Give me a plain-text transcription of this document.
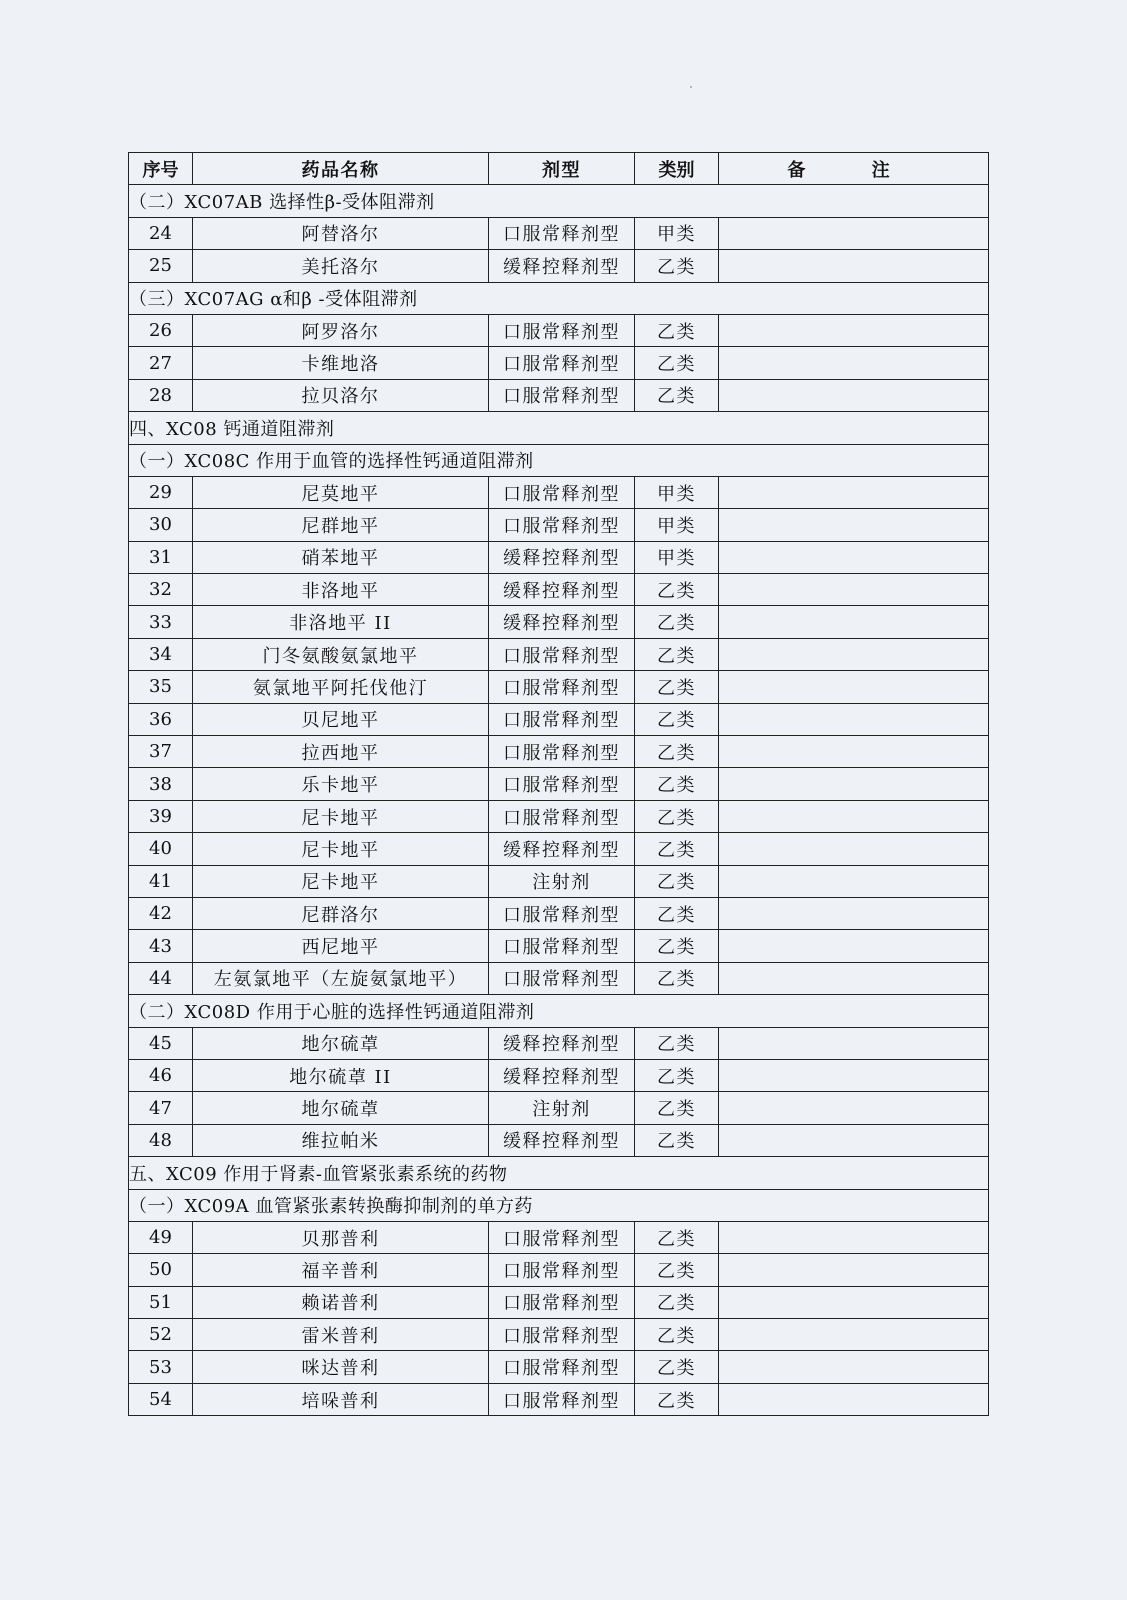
序号	药品名称	剂型	类别	备 注
（二）XC07AB 选择性β-受体阻滞剂				
24	阿替洛尔	口服常释剂型	甲类	
25	美托洛尔	缓释控释剂型	乙类	
（三）XC07AG α和β -受体阻滞剂				
26	阿罗洛尔	口服常释剂型	乙类	
27	卡维地洛	口服常释剂型	乙类	
28	拉贝洛尔	口服常释剂型	乙类	
四、XC08 钙通道阻滞剂				
（一）XC08C 作用于血管的选择性钙通道阻滞剂				
29	尼莫地平	口服常释剂型	甲类	
30	尼群地平	口服常释剂型	甲类	
31	硝苯地平	缓释控释剂型	甲类	
32	非洛地平	缓释控释剂型	乙类	
33	非洛地平 II	缓释控释剂型	乙类	
34	门冬氨酸氨氯地平	口服常释剂型	乙类	
35	氨氯地平阿托伐他汀	口服常释剂型	乙类	
36	贝尼地平	口服常释剂型	乙类	
37	拉西地平	口服常释剂型	乙类	
38	乐卡地平	口服常释剂型	乙类	
39	尼卡地平	口服常释剂型	乙类	
40	尼卡地平	缓释控释剂型	乙类	
41	尼卡地平	注射剂	乙类	
42	尼群洛尔	口服常释剂型	乙类	
43	西尼地平	口服常释剂型	乙类	
44	左氨氯地平（左旋氨氯地平）	口服常释剂型	乙类	
（二）XC08D 作用于心脏的选择性钙通道阻滞剂				
45	地尔硫䓬	缓释控释剂型	乙类	
46	地尔硫䓬 II	缓释控释剂型	乙类	
47	地尔硫䓬	注射剂	乙类	
48	维拉帕米	缓释控释剂型	乙类	
五、XC09 作用于肾素-血管紧张素系统的药物				
（一）XC09A 血管紧张素转换酶抑制剂的单方药				
49	贝那普利	口服常释剂型	乙类	
50	福辛普利	口服常释剂型	乙类	
51	赖诺普利	口服常释剂型	乙类	
52	雷米普利	口服常释剂型	乙类	
53	咪达普利	口服常释剂型	乙类	
54	培哚普利	口服常释剂型	乙类	
